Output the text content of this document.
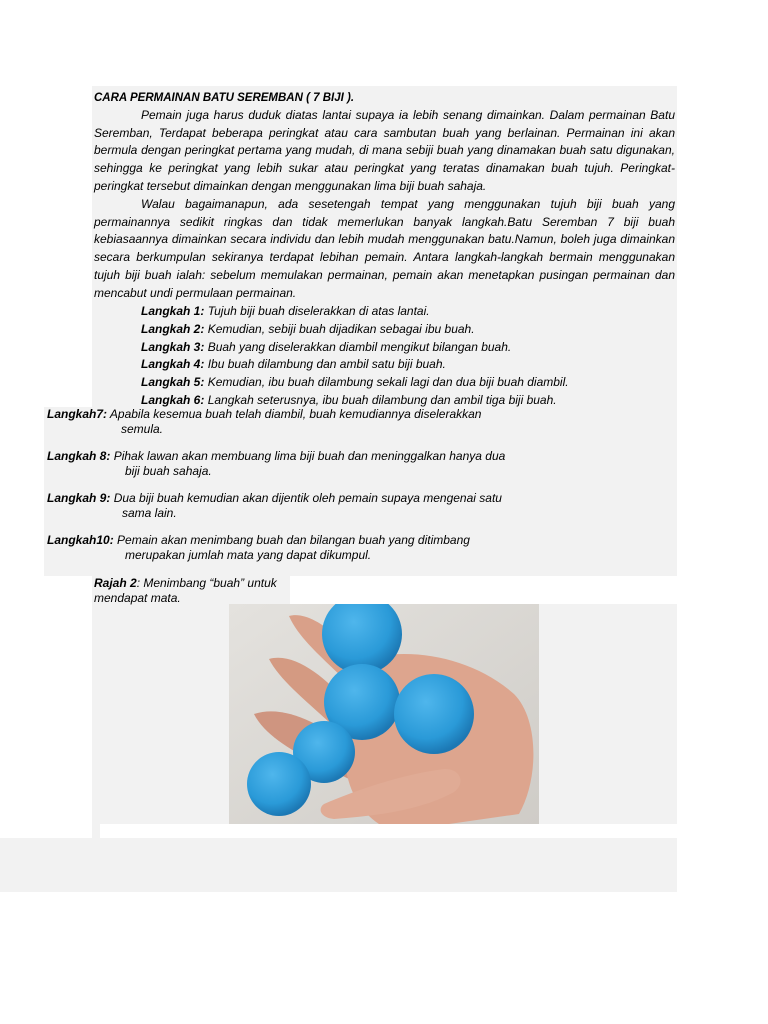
CARA PERMAINAN BATU SEREMBAN ( 7 BIJI ).

Pemain juga harus duduk diatas lantai supaya ia lebih senang dimainkan. Dalam permainan Batu Seremban, Terdapat beberapa peringkat atau cara sambutan buah yang berlainan. Permainan ini akan bermula dengan peringkat pertama yang mudah, di mana sebiji buah yang dinamakan buah satu digunakan, sehingga ke peringkat yang lebih sukar atau peringkat yang teratas dinamakan buah tujuh. Peringkat-peringkat tersebut dimainkan dengan menggunakan lima biji buah sahaja.

Walau bagaimanapun, ada sesetengah tempat yang menggunakan tujuh biji buah yang permainannya sedikit ringkas dan tidak memerlukan banyak langkah.Batu Seremban 7 biji buah kebiasaannya dimainkan secara individu dan lebih mudah menggunakan batu.Namun, boleh juga dimainkan secara berkumpulan sekiranya terdapat lebihan pemain. Antara langkah-langkah bermain menggunakan tujuh biji buah ialah: sebelum memulakan permainan, pemain akan menetapkan pusingan permainan dan mencabut undi permulaan permainan.

Langkah 1: Tujuh biji buah diselerakkan di atas lantai.
Langkah 2: Kemudian, sebiji buah dijadikan sebagai ibu buah.
Langkah 3: Buah yang diselerakkan diambil mengikut bilangan buah.
Langkah 4: Ibu buah dilambung dan ambil satu biji buah.
Langkah 5: Kemudian, ibu buah dilambung sekali lagi dan dua biji buah diambil.
Langkah 6: Langkah seterusnya, ibu buah dilambung dan ambil tiga biji buah.
Langkah7: Apabila kesemua buah telah diambil, buah kemudiannya diselerakkan
semula.
Langkah 8: Pihak lawan akan membuang lima biji buah dan meninggalkan hanya dua
biji buah sahaja.
Langkah 9: Dua biji buah kemudian akan dijentik oleh pemain supaya mengenai satu
sama lain.
Langkah10: Pemain akan menimbang buah dan bilangan buah yang ditimbang
merupakan jumlah mata yang dapat dikumpul.
Rajah 2: Menimbang “buah” untuk
mendapat mata.
